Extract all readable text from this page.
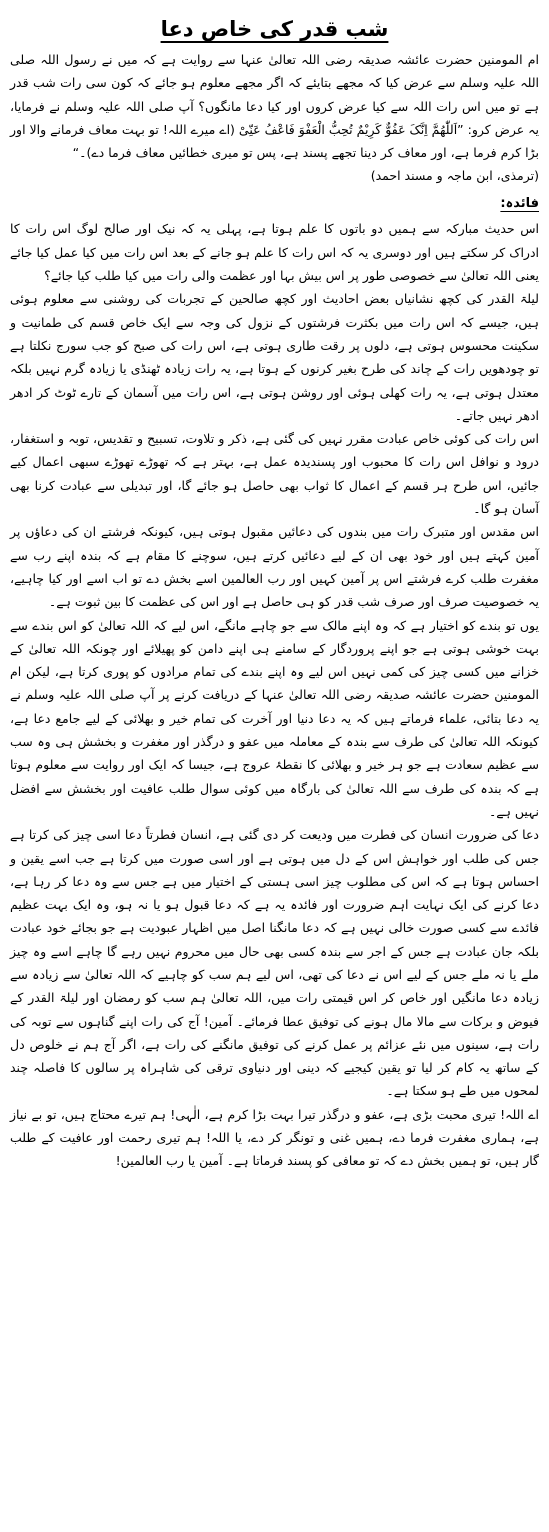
شب قدر کی خاص دعا

ام المومنین حضرت عائشہ صدیقہ رضی اللہ تعالیٰ عنہا سے روایت ہے کہ میں نے رسول اللہ صلی اللہ علیہ وسلم سے عرض کیا کہ مجھے بتایئے کہ اگر مجھے معلوم ہو جائے کہ کون سی رات شب قدر ہے تو میں اس رات اللہ سے کیا عرض کروں اور کیا دعا مانگوں؟ آپ صلی اللہ علیہ وسلم نے فرمایا، یہ عرض کرو: ”اَللّٰھُمَّ اِنَّکَ عَفُوٌّ کَرِیْمٌ تُحِبُّ الْعَفْوَ فَاعْفُ عَنِّیْ (اے میرے اللہ! تو بہت معاف فرمانے والا اور بڑا کرم فرما ہے، اور معاف کر دینا تجھے پسند ہے، پس تو میری خطائیں معاف فرما دے)۔“

(ترمذی، ابن ماجہ و مسند احمد)

فائدہ:

اس حدیث مبارکہ سے ہمیں دو باتوں کا علم ہوتا ہے، پہلی یہ کہ نیک اور صالح لوگ اس رات کا ادراک کر سکتے ہیں اور دوسری یہ کہ اس رات کا علم ہو جانے کے بعد اس رات میں کیا عمل کیا جائے یعنی اللہ تعالیٰ سے خصوصی طور پر اس بیش بہا اور عظمت والی رات میں کیا طلب کیا جائے؟

لیلۃ القدر کی کچھ نشانیاں بعض احادیث اور کچھ صالحین کے تجربات کی روشنی سے معلوم ہوئی ہیں، جیسے کہ اس رات میں بکثرت فرشتوں کے نزول کی وجہ سے ایک خاص قسم کی طمانیت و سکینت محسوس ہوتی ہے، دلوں پر رقت طاری ہوتی ہے، اس رات کی صبح کو جب سورج نکلتا ہے تو چودھویں رات کے چاند کی طرح بغیر کرنوں کے ہوتا ہے، یہ رات زیادہ ٹھنڈی یا زیادہ گرم نہیں بلکہ معتدل ہوتی ہے، یہ رات کھلی ہوئی اور روشن ہوتی ہے، اس رات میں آسمان کے تارے ٹوٹ کر ادھر ادھر نہیں جاتے۔

اس رات کی کوئی خاص عبادت مقرر نہیں کی گئی ہے، ذکر و تلاوت، تسبیح و تقدیس، توبہ و استغفار، درود و نوافل اس رات کا محبوب اور پسندیدہ عمل ہے، بہتر ہے کہ تھوڑے تھوڑے سبھی اعمال کیے جائیں، اس طرح ہر قسم کے اعمال کا ثواب بھی حاصل ہو جائے گا، اور تبدیلی سے عبادت کرنا بھی آسان ہو گا۔

اس مقدس اور متبرک رات میں بندوں کی دعائیں مقبول ہوتی ہیں، کیونکہ فرشتے ان کی دعاؤں پر آمین کہتے ہیں اور خود بھی ان کے لیے دعائیں کرتے ہیں، سوچنے کا مقام ہے کہ بندہ اپنے رب سے مغفرت طلب کرے فرشتے اس پر آمین کہیں اور رب العالمین اسے بخش دے تو اب اسے اور کیا چاہیے، یہ خصوصیت صرف اور صرف شب قدر کو ہی حاصل ہے اور اس کی عظمت کا بین ثبوت ہے۔

یوں تو بندے کو اختیار ہے کہ وہ اپنے مالک سے جو چاہے مانگے، اس لیے کہ اللہ تعالیٰ کو اس بندے سے بہت خوشی ہوتی ہے جو اپنے پروردگار کے سامنے ہی اپنے دامن کو پھیلائے اور چونکہ اللہ تعالیٰ کے خزانے میں کسی چیز کی کمی نہیں اس لیے وہ اپنے بندے کی تمام مرادوں کو پوری کرتا ہے، لیکن ام المومنین حضرت عائشہ صدیقہ رضی اللہ تعالیٰ عنہا کے دریافت کرنے پر آپ صلی اللہ علیہ وسلم نے یہ دعا بتائی، علماء فرماتے ہیں کہ یہ دعا دنیا اور آخرت کی تمام خیر و بھلائی کے لیے جامع دعا ہے، کیونکہ اللہ تعالیٰ کی طرف سے بندہ کے معاملہ میں عفو و درگذر اور مغفرت و بخشش ہی وہ سب سے عظیم سعادت ہے جو ہر خیر و بھلائی کا نقطۂ عروج ہے، جیسا کہ ایک اور روایت سے معلوم ہوتا ہے کہ بندہ کی طرف سے اللہ تعالیٰ کی بارگاہ میں کوئی سوال طلب عافیت اور بخشش سے افضل نہیں ہے۔

دعا کی ضرورت انسان کی فطرت میں ودیعت کر دی گئی ہے، انسان فطرتاً دعا اسی چیز کی کرتا ہے جس کی طلب اور خواہش اس کے دل میں ہوتی ہے اور اسی صورت میں کرتا ہے جب اسے یقین و احساس ہوتا ہے کہ اس کی مطلوب چیز اسی ہستی کے اختیار میں ہے جس سے وہ دعا کر رہا ہے، دعا کرنے کی ایک نہایت اہم ضرورت اور فائدہ یہ ہے کہ دعا قبول ہو یا نہ ہو، وہ ایک بہت عظیم فائدے سے کسی صورت خالی نہیں ہے کہ دعا مانگنا اصل میں اظہار عبودیت ہے جو بجائے خود عبادت بلکہ جان عبادت ہے جس کے اجر سے بندہ کسی بھی حال میں محروم نہیں رہے گا چاہے اسے وہ چیز ملے یا نہ ملے جس کے لیے اس نے دعا کی تھی، اس لیے ہم سب کو چاہیے کہ اللہ تعالیٰ سے زیادہ سے زیادہ دعا مانگیں اور خاص کر اس قیمتی رات میں، اللہ تعالیٰ ہم سب کو رمضان اور لیلۃ القدر کے فیوض و برکات سے مالا مال ہونے کی توفیق عطا فرمائے۔ آمین! آج کی رات اپنے گناہوں سے توبہ کی رات ہے، سینوں میں نئے عزائم پر عمل کرنے کی توفیق مانگنے کی رات ہے، اگر آج ہم نے خلوص دل کے ساتھ یہ کام کر لیا تو یقین کیجیے کہ دینی اور دنیاوی ترقی کی شاہراہ پر سالوں کا فاصلہ چند لمحوں میں طے ہو سکتا ہے۔

اے اللہ! تیری محبت بڑی ہے، عفو و درگذر تیرا بہت بڑا کرم ہے، الٰہی! ہم تیرے محتاج ہیں، تو بے نیاز ہے، ہماری مغفرت فرما دے، ہمیں غنی و تونگر کر دے، یا اللہ! ہم تیری رحمت اور عافیت کے طلب گار ہیں، تو ہمیں بخش دے کہ تو معافی کو پسند فرماتا ہے۔ آمین یا رب العالمین!
